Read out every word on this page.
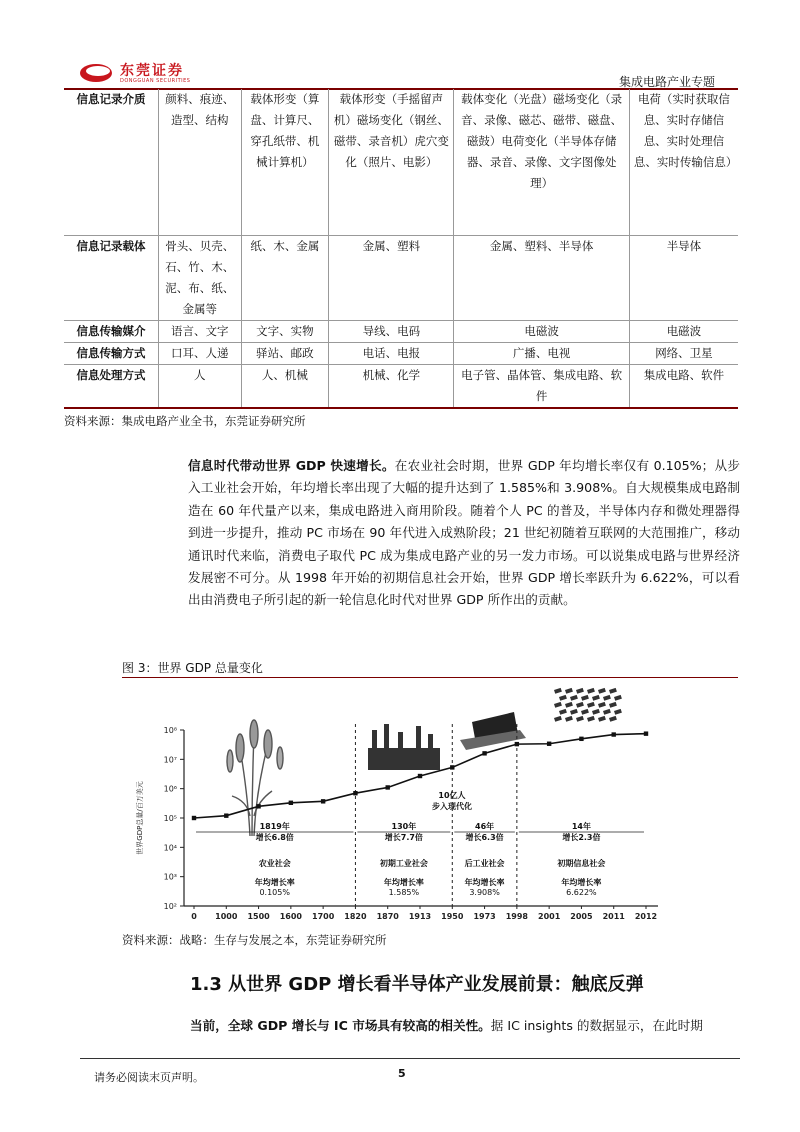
东莞证券
DONGGUAN SECURITIES	集成电路产业专题
信息记录介质	颜料、痕迹、造型、结构	载体形变（算盘、计算尺、穿孔纸带、机械计算机）	载体形变（手摇留声机）磁场变化（钢丝、磁带、录音机）虎穴变化（照片、电影）	载体变化（光盘）磁场变化（录音、录像、磁芯、磁带、磁盘、磁鼓）电荷变化（半导体存储器、录音、录像、文字图像处理）	电荷（实时获取信息、实时存储信息、实时处理信息、实时传输信息）
信息记录载体	骨头、贝壳、石、竹、木、泥、布、纸、金属等	纸、木、金属	金属、塑料	金属、塑料、半导体	半导体
信息传输媒介	语言、文字	文字、实物	导线、电码	电磁波	电磁波
信息传输方式	口耳、人递	驿站、邮政	电话、电报	广播、电视	网络、卫星
信息处理方式	人	人、机械	机械、化学	电子管、晶体管、集成电路、软件	集成电路、软件
资料来源：集成电路产业全书，东莞证券研究所

信息时代带动世界 GDP 快速增长。在农业社会时期，世界 GDP 年均增长率仅有 0.105%；从步入工业社会开始，年均增长率出现了大幅的提升达到了 1.585%和 3.908%。自大规模集成电路制造在 60 年代量产以来，集成电路进入商用阶段。随着个人 PC 的普及，半导体内存和微处理器得到进一步提升，推动 PC 市场在 90 年代进入成熟阶段；21 世纪初随着互联网的大范围推广，移动通讯时代来临，消费电子取代 PC 成为集成电路产业的另一发力市场。可以说集成电路与世界经济发展密不可分。从 1998 年开始的初期信息社会开始，世界 GDP 增长率跃升为 6.622%，可以看出由消费电子所引起的新一轮信息化时代对世界 GDP 所作出的贡献。

图 3：世界 GDP 总量变化
10²
10³
10⁴
10⁵
10⁶
10⁷
10⁸
0 1000 1500 1600 1700 1820 1870 1913 1950 1973 1998 2001 2005 2011 2012
世界GDP总量/百万美元	1819年
增长6.8倍
农业社会
年均增长率
0.105%
130年
增长7.7倍
初期工业社会
年均增长率
1.585%
46年
增长6.3倍
后工业社会
年均增长率
3.908%
14年
增长2.3倍
初期信息社会
年均增长率
6.622%
10亿人
步入现代化
资料来源：战略：生存与发展之本，东莞证券研究所
1.3 从世界 GDP 增长看半导体产业发展前景：触底反弹
当前，全球 GDP 增长与 IC 市场具有较高的相关性。据 IC insights 的数据显示，在此时期
请务必阅读末页声明。	5
